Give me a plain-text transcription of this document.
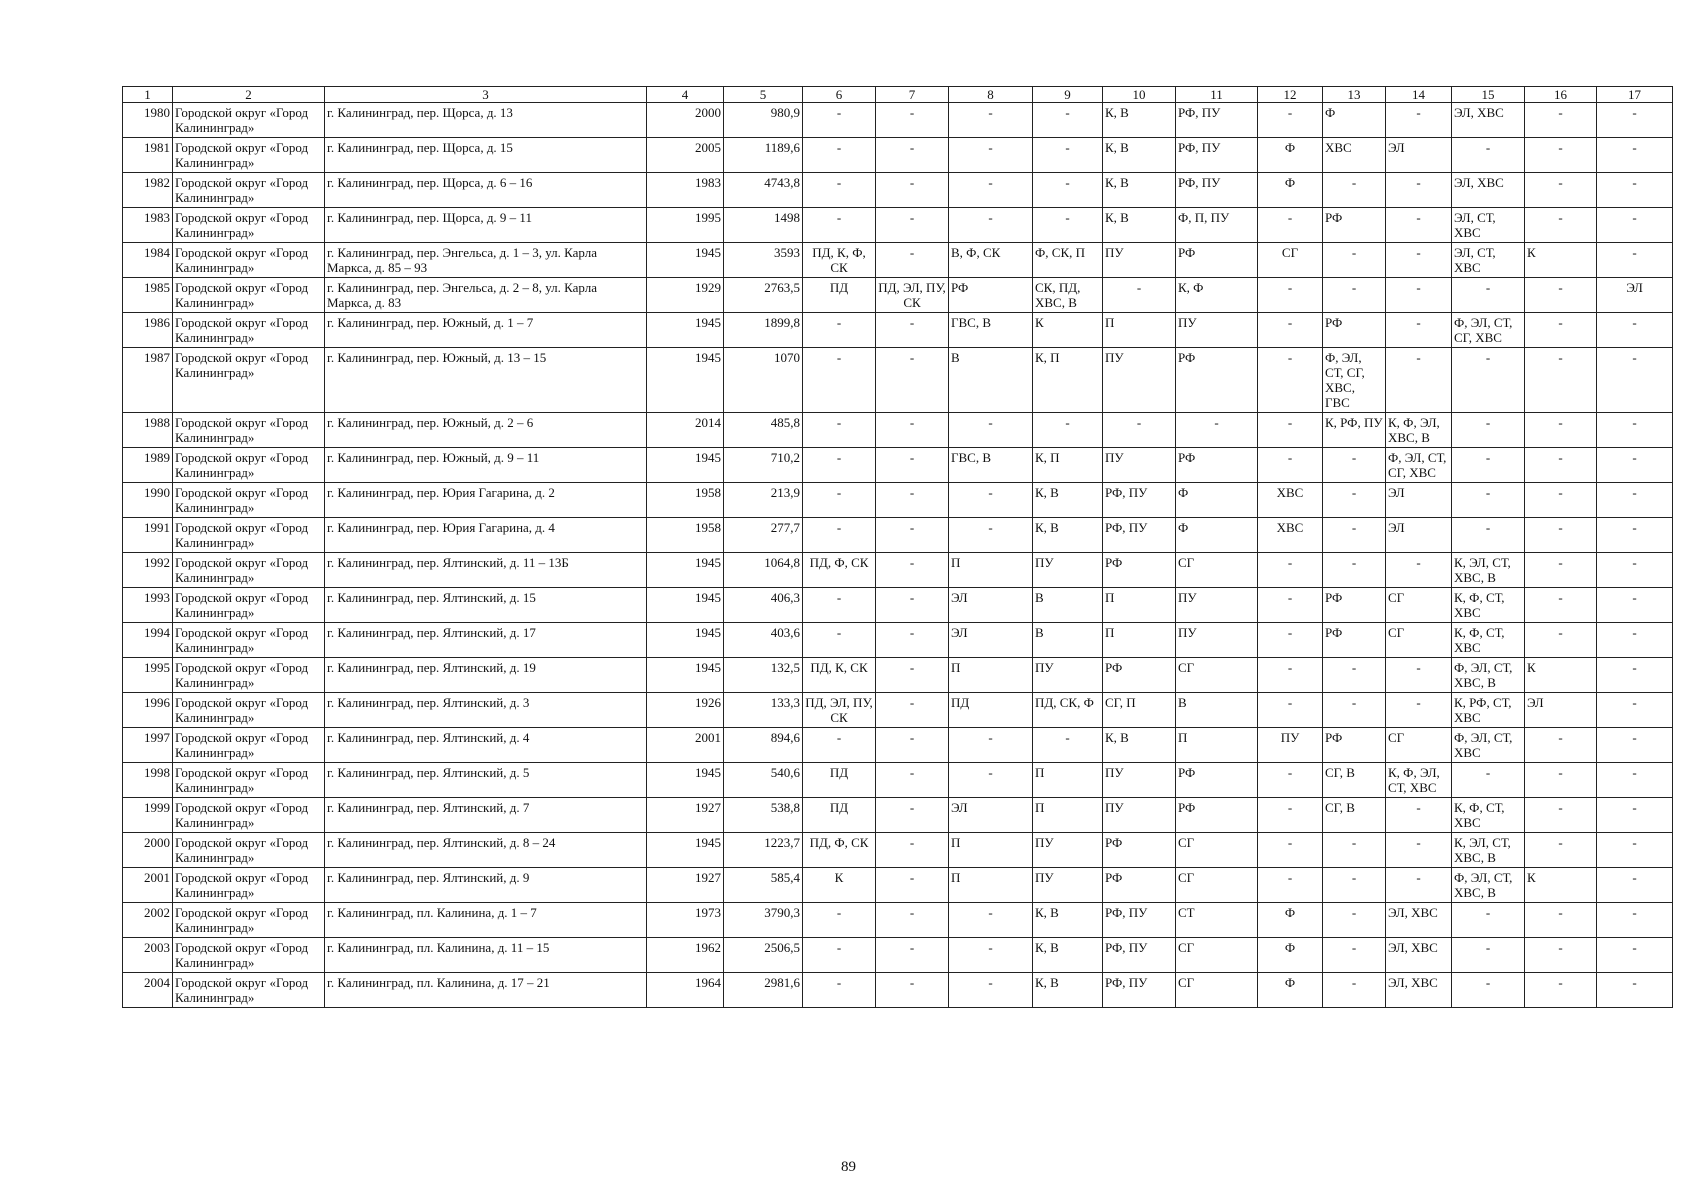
1	2	3	4	5	6	7	8	9	10	11	12	13	14	15	16	17
1980	Городской округ «Город Калининград»	г. Калининград, пер. Щорса, д. 13	2000	980,9	-	-	-	-	К, В	РФ, ПУ	-	Ф	-	ЭЛ, ХВС	-	-
1981	Городской округ «Город Калининград»	г. Калининград, пер. Щорса, д. 15	2005	1189,6	-	-	-	-	К, В	РФ, ПУ	Ф	ХВС	ЭЛ	-	-	-
1982	Городской округ «Город Калининград»	г. Калининград, пер. Щорса, д. 6 – 16	1983	4743,8	-	-	-	-	К, В	РФ, ПУ	Ф	-	-	ЭЛ, ХВС	-	-
1983	Городской округ «Город Калининград»	г. Калининград, пер. Щорса, д. 9 – 11	1995	1498	-	-	-	-	К, В	Ф, П, ПУ	-	РФ	-	ЭЛ, СТ, ХВС	-	-
1984	Городской округ «Город Калининград»	г. Калининград, пер. Энгельса, д. 1 – 3, ул. Карла Маркса, д. 85 – 93	1945	3593	ПД, К, Ф, СК	-	В, Ф, СК	Ф, СК, П	ПУ	РФ	СГ	-	-	ЭЛ, СТ, ХВС	К	-
1985	Городской округ «Город Калининград»	г. Калининград, пер. Энгельса, д. 2 – 8, ул. Карла Маркса, д. 83	1929	2763,5	ПД	ПД, ЭЛ, ПУ, СК	РФ	СК, ПД, ХВС, В	-	К, Ф	-	-	-	-	-	ЭЛ
1986	Городской округ «Город Калининград»	г. Калининград, пер. Южный, д. 1 – 7	1945	1899,8	-	-	ГВС, В	К	П	ПУ	-	РФ	-	Ф, ЭЛ, СТ, СГ, ХВС	-	-
1987	Городской округ «Город Калининград»	г. Калининград, пер. Южный, д. 13 – 15	1945	1070	-	-	В	К, П	ПУ	РФ	-	Ф, ЭЛ, СТ, СГ, ХВС, ГВС	-	-	-	-
1988	Городской округ «Город Калининград»	г. Калининград, пер. Южный, д. 2 – 6	2014	485,8	-	-	-	-	-	-	-	К, РФ, ПУ	К, Ф, ЭЛ, ХВС, В	-	-	-
1989	Городской округ «Город Калининград»	г. Калининград, пер. Южный, д. 9 – 11	1945	710,2	-	-	ГВС, В	К, П	ПУ	РФ	-	-	Ф, ЭЛ, СТ, СГ, ХВС	-	-	-
1990	Городской округ «Город Калининград»	г. Калининград, пер. Юрия Гагарина, д. 2	1958	213,9	-	-	-	К, В	РФ, ПУ	Ф	ХВС	-	ЭЛ	-	-	-
1991	Городской округ «Город Калининград»	г. Калининград, пер. Юрия Гагарина, д. 4	1958	277,7	-	-	-	К, В	РФ, ПУ	Ф	ХВС	-	ЭЛ	-	-	-
1992	Городской округ «Город Калининград»	г. Калининград, пер. Ялтинский, д. 11 – 13Б	1945	1064,8	ПД, Ф, СК	-	П	ПУ	РФ	СГ	-	-	-	К, ЭЛ, СТ, ХВС, В	-	-
1993	Городской округ «Город Калининград»	г. Калининград, пер. Ялтинский, д. 15	1945	406,3	-	-	ЭЛ	В	П	ПУ	-	РФ	СГ	К, Ф, СТ, ХВС	-	-
1994	Городской округ «Город Калининград»	г. Калининград, пер. Ялтинский, д. 17	1945	403,6	-	-	ЭЛ	В	П	ПУ	-	РФ	СГ	К, Ф, СТ, ХВС	-	-
1995	Городской округ «Город Калининград»	г. Калининград, пер. Ялтинский, д. 19	1945	132,5	ПД, К, СК	-	П	ПУ	РФ	СГ	-	-	-	Ф, ЭЛ, СТ, ХВС, В	К	-
1996	Городской округ «Город Калининград»	г. Калининград, пер. Ялтинский, д. 3	1926	133,3	ПД, ЭЛ, ПУ, СК	-	ПД	ПД, СК, Ф	СГ, П	В	-	-	-	К, РФ, СТ, ХВС	ЭЛ	-
1997	Городской округ «Город Калининград»	г. Калининград, пер. Ялтинский, д. 4	2001	894,6	-	-	-	-	К, В	П	ПУ	РФ	СГ	Ф, ЭЛ, СТ, ХВС	-	-
1998	Городской округ «Город Калининград»	г. Калининград, пер. Ялтинский, д. 5	1945	540,6	ПД	-	-	П	ПУ	РФ	-	СГ, В	К, Ф, ЭЛ, СТ, ХВС	-	-	-
1999	Городской округ «Город Калининград»	г. Калининград, пер. Ялтинский, д. 7	1927	538,8	ПД	-	ЭЛ	П	ПУ	РФ	-	СГ, В	-	К, Ф, СТ, ХВС	-	-
2000	Городской округ «Город Калининград»	г. Калининград, пер. Ялтинский, д. 8 – 24	1945	1223,7	ПД, Ф, СК	-	П	ПУ	РФ	СГ	-	-	-	К, ЭЛ, СТ, ХВС, В	-	-
2001	Городской округ «Город Калининград»	г. Калининград, пер. Ялтинский, д. 9	1927	585,4	К	-	П	ПУ	РФ	СГ	-	-	-	Ф, ЭЛ, СТ, ХВС, В	К	-
2002	Городской округ «Город Калининград»	г. Калининград, пл. Калинина, д. 1 – 7	1973	3790,3	-	-	-	К, В	РФ, ПУ	СТ	Ф	-	ЭЛ, ХВС	-	-	-
2003	Городской округ «Город Калининград»	г. Калининград, пл. Калинина, д. 11 – 15	1962	2506,5	-	-	-	К, В	РФ, ПУ	СГ	Ф	-	ЭЛ, ХВС	-	-	-
2004	Городской округ «Город Калининград»	г. Калининград, пл. Калинина, д. 17 – 21	1964	2981,6	-	-	-	К, В	РФ, ПУ	СГ	Ф	-	ЭЛ, ХВС	-	-	-
89
